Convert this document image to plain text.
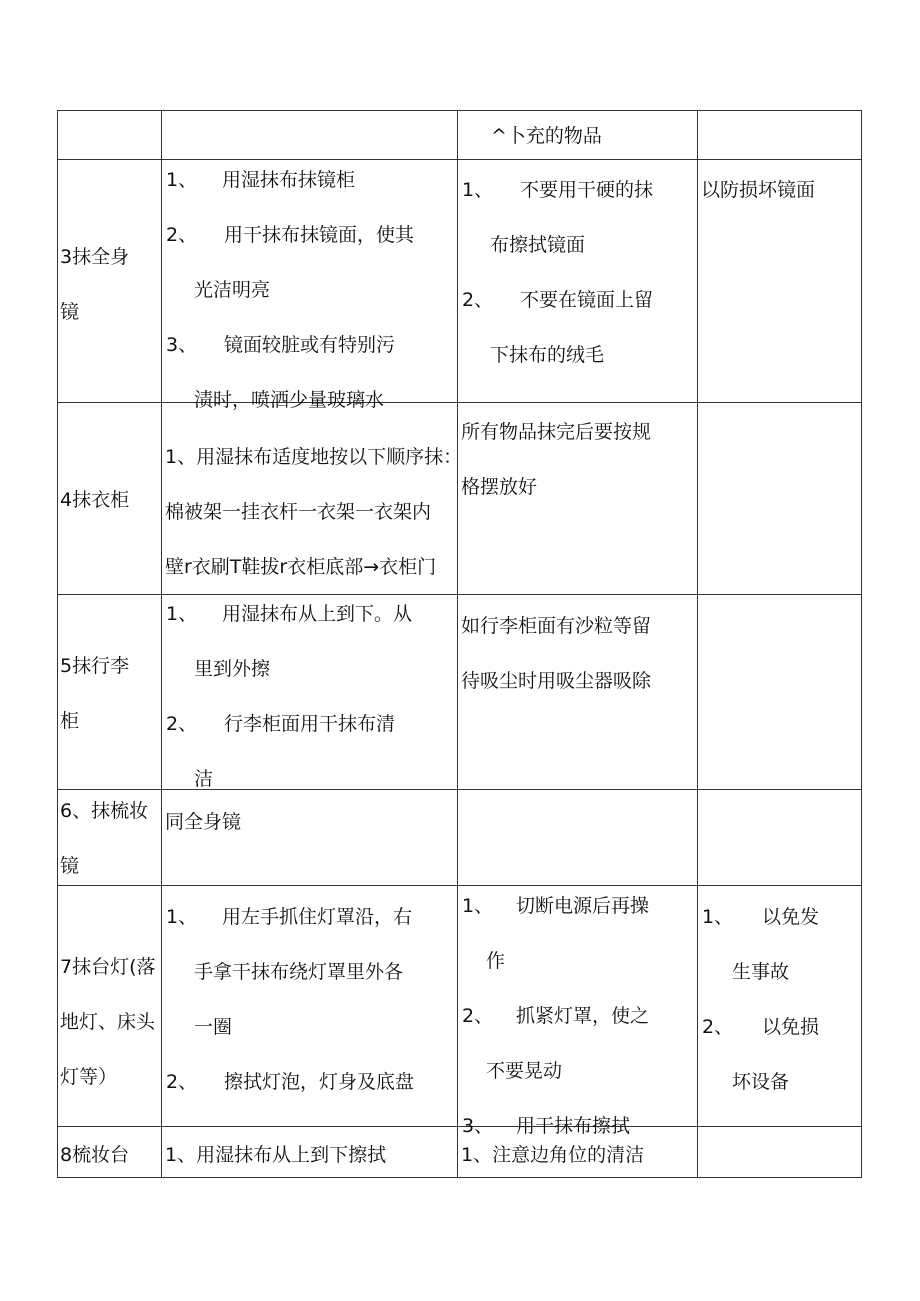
^卜充的物品
3抹全身
镜
1、 用湿抹布抹镜柜
2、 用干抹布抹镜面，使其
光洁明亮
3、 镜面较脏或有特别污
渍时，喷洒少量玻璃水
1、 不要用干硬的抹
布擦拭镜面
2、 不要在镜面上留
下抹布的绒毛
以防损坏镜面
4抹衣柜
1、用湿抹布适度地按以下顺序抹：
棉被架一挂衣杆一衣架一衣架内
壁r衣刷T鞋拔r衣柜底部→衣柜门
所有物品抹完后要按规
格摆放好
5抹行李
柜
1、 用湿抹布从上到下。从
里到外擦
2、 行李柜面用干抹布清
洁
如行李柜面有沙粒等留
待吸尘时用吸尘器吸除
6、抹梳妆
镜
同全身镜
7抹台灯(落
地灯、床头
灯等）
1、 用左手抓住灯罩沿，右
手拿干抹布绕灯罩里外各
一圈
2、 擦拭灯泡，灯身及底盘
1、 切断电源后再操
作
2、 抓紧灯罩，使之
不要晃动
3、 用干抹布擦拭
1、 以免发
生事故
2、 以免损
坏设备
8梳妆台	1、用湿抹布从上到下擦拭	1、注意边角位的清洁
